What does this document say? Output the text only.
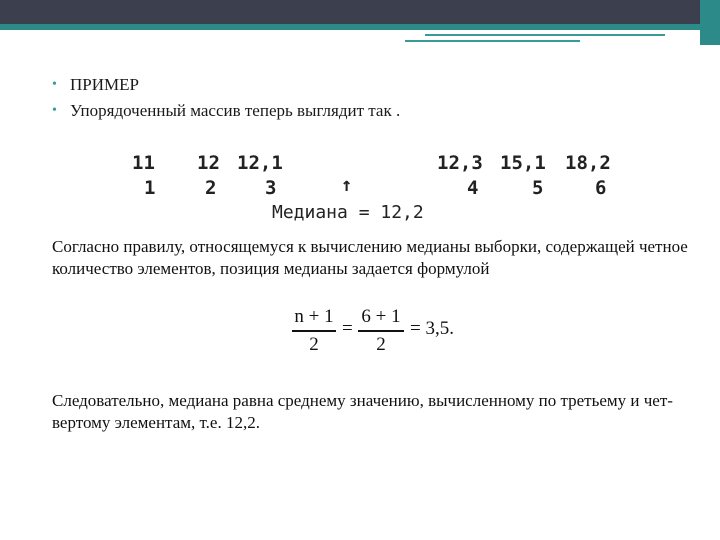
• ПРИМЕР
• Упорядоченный массив теперь выглядит так .
11 12 12,1	12,3 15,1 18,2
1	2	3	↑	4	5	6
Медиана = 12,2

Согласно правилу, относящемуся к вычислению медианы выборки, содержащей четное количество элементов, позиция медианы задается формулой

n + 1
2
=
6 + 1
2
= 3,5.

Следовательно, медиана равна среднему значению, вычисленному по третьему и чет-вертому элементам, т.е. 12,2.
